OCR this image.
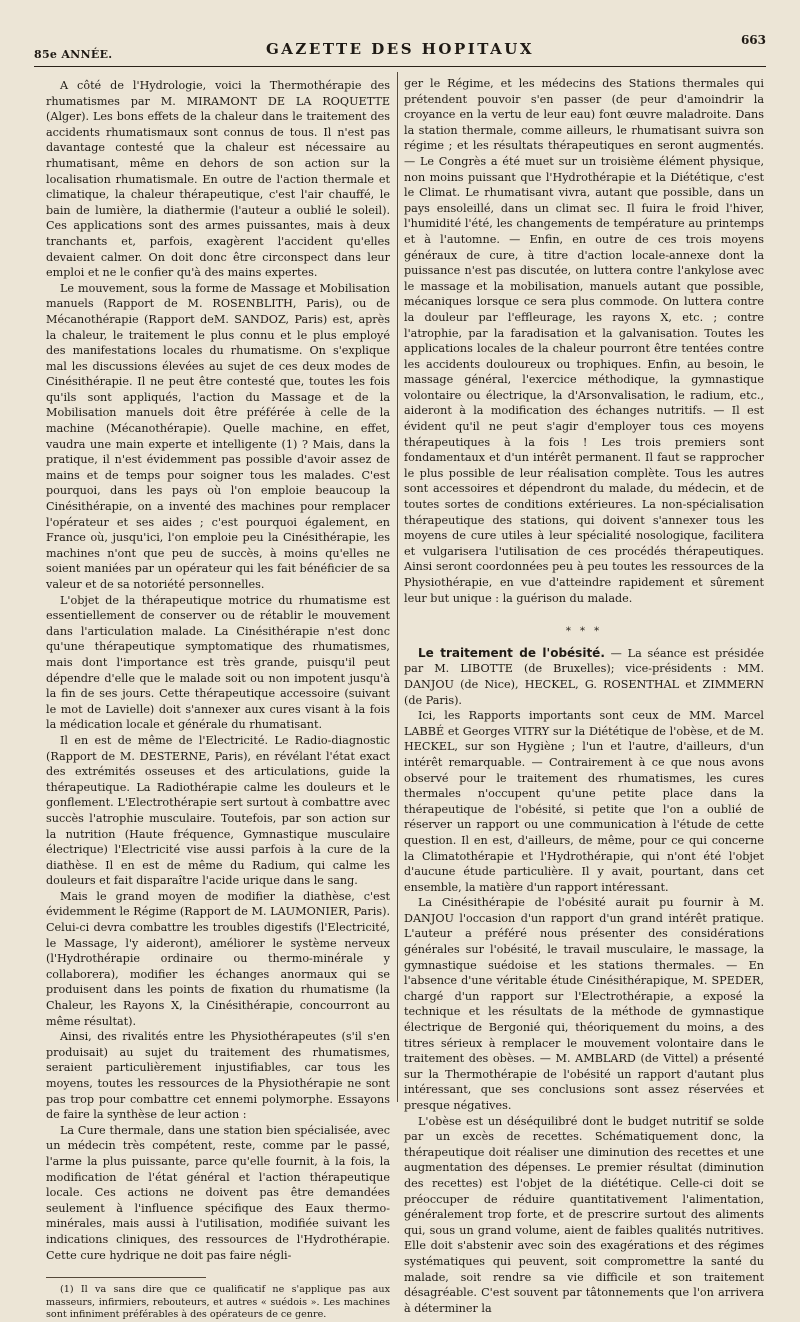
85e ANNÉE.	GAZETTE DES HOPITAUX	663

A côté de l'Hydrologie, voici la Thermothérapie des rhumatismes par M. MIRAMONT DE LA ROQUETTE (Alger). Les bons effets de la chaleur dans le traitement des accidents rhumatismaux sont connus de tous. Il n'est pas davantage contesté que la chaleur est nécessaire au rhumatisant, même en dehors de son action sur la localisation rhumatismale. En outre de l'action thermale et climatique, la chaleur thérapeutique, c'est l'air chauffé, le bain de lumière, la diathermie (l'auteur a oublié le soleil). Ces applications sont des armes puissantes, mais à deux tranchants et, parfois, exagèrent l'accident qu'elles devaient calmer. On doit donc être circonspect dans leur emploi et ne le confier qu'à des mains expertes.

Le mouvement, sous la forme de Massage et Mobilisation manuels (Rapport de M. ROSENBLITH, Paris), ou de Mécanothérapie (Rapport deM. SANDOZ, Paris) est, après la chaleur, le traitement le plus connu et le plus employé des manifestations locales du rhumatisme. On s'explique mal les discussions élevées au sujet de ces deux modes de Cinésithérapie. Il ne peut être contesté que, toutes les fois qu'ils sont appliqués, l'action du Massage et de la Mobilisation manuels doit être préférée à celle de la machine (Mécanothérapie). Quelle machine, en effet, vaudra une main experte et intelligente (1) ? Mais, dans la pratique, il n'est évidemment pas possible d'avoir assez de mains et de temps pour soigner tous les malades. C'est pourquoi, dans les pays où l'on emploie beaucoup la Cinésithérapie, on a inventé des machines pour remplacer l'opérateur et ses aides ; c'est pourquoi également, en France où, jusqu'ici, l'on emploie peu la Cinésithérapie, les machines n'ont que peu de succès, à moins qu'elles ne soient maniées par un opérateur qui les fait bénéficier de sa valeur et de sa notoriété personnelles.

L'objet de la thérapeutique motrice du rhumatisme est essentiellement de conserver ou de rétablir le mouvement dans l'articulation malade. La Cinésithérapie n'est donc qu'une thérapeutique symptomatique des rhumatismes, mais dont l'importance est très grande, puisqu'il peut dépendre d'elle que le malade soit ou non impotent jusqu'à la fin de ses jours. Cette thérapeutique accessoire (suivant le mot de Lavielle) doit s'annexer aux cures visant à la fois la médication locale et générale du rhumatisant.

Il en est de même de l'Electricité. Le Radio-diagnostic (Rapport de M. DESTERNE, Paris), en révélant l'état exact des extrémités osseuses et des articulations, guide la thérapeutique. La Radiothérapie calme les douleurs et le gonflement. L'Electrothérapie sert surtout à combattre avec succès l'atrophie musculaire. Toutefois, par son action sur la nutrition (Haute fréquence, Gymnastique musculaire électrique) l'Electricité vise aussi parfois à la cure de la diathèse. Il en est de même du Radium, qui calme les douleurs et fait disparaître l'acide urique dans le sang.

Mais le grand moyen de modifier la diathèse, c'est évidemment le Régime (Rapport de M. LAUMONIER, Paris). Celui-ci devra combattre les troubles digestifs (l'Electricité, le Massage, l'y aideront), améliorer le système nerveux (l'Hydrothérapie ordinaire ou thermo-minérale y collaborera), modifier les échanges anormaux qui se produisent dans les points de fixation du rhumatisme (la Chaleur, les Rayons X, la Cinésithérapie, concourront au même résultat).

Ainsi, des rivalités entre les Physiothérapeutes (s'il s'en produisait) au sujet du traitement des rhumatismes, seraient particulièrement injustifiables, car tous les moyens, toutes les ressources de la Physiothérapie ne sont pas trop pour combattre cet ennemi polymorphe. Essayons de faire la synthèse de leur action :

La Cure thermale, dans une station bien spécialisée, avec un médecin très compétent, reste, comme par le passé, l'arme la plus puissante, parce qu'elle fournit, à la fois, la modification de l'état général et l'action thérapeutique locale. Ces actions ne doivent pas être demandées seulement à l'influence spécifique des Eaux thermo-minérales, mais aussi à l'utilisation, modifiée suivant les indications cliniques, des ressources de l'Hydrothérapie. Cette cure hydrique ne doit pas faire négli-

(1) Il va sans dire que ce qualificatif ne s'applique pas aux masseurs, infirmiers, rebouteurs, et autres « suédois ». Les machines sont infiniment préférables à des opérateurs de ce genre.

ger le Régime, et les médecins des Stations thermales qui prétendent pouvoir s'en passer (de peur d'amoindrir la croyance en la vertu de leur eau) font œuvre maladroite. Dans la station thermale, comme ailleurs, le rhumatisant suivra son régime ; et les résultats thérapeutiques en seront augmentés. — Le Congrès a été muet sur un troisième élément physique, non moins puissant que l'Hydrothérapie et la Diététique, c'est le Climat. Le rhumatisant vivra, autant que possible, dans un pays ensoleillé, dans un climat sec. Il fuira le froid l'hiver, l'humidité l'été, les changements de température au printemps et à l'automne. — Enfin, en outre de ces trois moyens généraux de cure, à titre d'action locale-annexe dont la puissance n'est pas discutée, on luttera contre l'ankylose avec le massage et la mobilisation, manuels autant que possible, mécaniques lorsque ce sera plus commode. On luttera contre la douleur par l'effleurage, les rayons X, etc. ; contre l'atrophie, par la faradisation et la galvanisation. Toutes les applications locales de la chaleur pourront être tentées contre les accidents douloureux ou trophiques. Enfin, au besoin, le massage général, l'exercice méthodique, la gymnastique volontaire ou électrique, la d'Arsonvalisation, le radium, etc., aideront à la modification des échanges nutritifs. — Il est évident qu'il ne peut s'agir d'employer tous ces moyens thérapeutiques à la fois ! Les trois premiers sont fondamentaux et d'un intérêt permanent. Il faut se rapprocher le plus possible de leur réalisation complète. Tous les autres sont accessoires et dépendront du malade, du médecin, et de toutes sortes de conditions extérieures. La non-spécialisation thérapeutique des stations, qui doivent s'annexer tous les moyens de cure utiles à leur spécialité nosologique, facilitera et vulgarisera l'utilisation de ces procédés thérapeutiques. Ainsi seront coordonnées peu à peu toutes les ressources de la Physiothérapie, en vue d'atteindre rapidement et sûrement leur but unique : la guérison du malade.

* * *

Le traitement de l'obésité. — La séance est présidée par M. LIBOTTE (de Bruxelles); vice-présidents : MM. DANJOU (de Nice), HECKEL, G. ROSENTHAL et ZIMMERN (de Paris).

Ici, les Rapports importants sont ceux de MM. Marcel LABBÉ et Georges VITRY sur la Diététique de l'obèse, et de M. HECKEL, sur son Hygiène ; l'un et l'autre, d'ailleurs, d'un intérêt remarquable. — Contrairement à ce que nous avons observé pour le traitement des rhumatismes, les cures thermales n'occupent qu'une petite place dans la thérapeutique de l'obésité, si petite que l'on a oublié de réserver un rapport ou une communication à l'étude de cette question. Il en est, d'ailleurs, de même, pour ce qui concerne la Climatothérapie et l'Hydrothérapie, qui n'ont été l'objet d'aucune étude particulière. Il y avait, pourtant, dans cet ensemble, la matière d'un rapport intéressant.

La Cinésithérapie de l'obésité aurait pu fournir à M. DANJOU l'occasion d'un rapport d'un grand intérêt pratique. L'auteur a préféré nous présenter des considérations générales sur l'obésité, le travail musculaire, le massage, la gymnastique suédoise et les stations thermales. — En l'absence d'une véritable étude Cinésithérapique, M. SPEDER, chargé d'un rapport sur l'Electrothérapie, a exposé la technique et les résultats de la méthode de gymnastique électrique de Bergonié qui, théoriquement du moins, a des titres sérieux à remplacer le mouvement volontaire dans le traitement des obèses. — M. AMBLARD (de Vittel) a présenté sur la Thermothérapie de l'obésité un rapport d'autant plus intéressant, que ses conclusions sont assez réservées et presque négatives.

L'obèse est un déséquilibré dont le budget nutritif se solde par un excès de recettes. Schématiquement donc, la thérapeutique doit réaliser une diminution des recettes et une augmentation des dépenses. Le premier résultat (diminution des recettes) est l'objet de la diététique. Celle-ci doit se préoccuper de réduire quantitativement l'alimentation, généralement trop forte, et de prescrire surtout des aliments qui, sous un grand volume, aient de faibles qualités nutritives. Elle doit s'abstenir avec soin des exagérations et des régimes systématiques qui peuvent, soit compromettre la santé du malade, soit rendre sa vie difficile et son traitement désagréable. C'est souvent par tâtonnements que l'on arrivera à déterminer la
